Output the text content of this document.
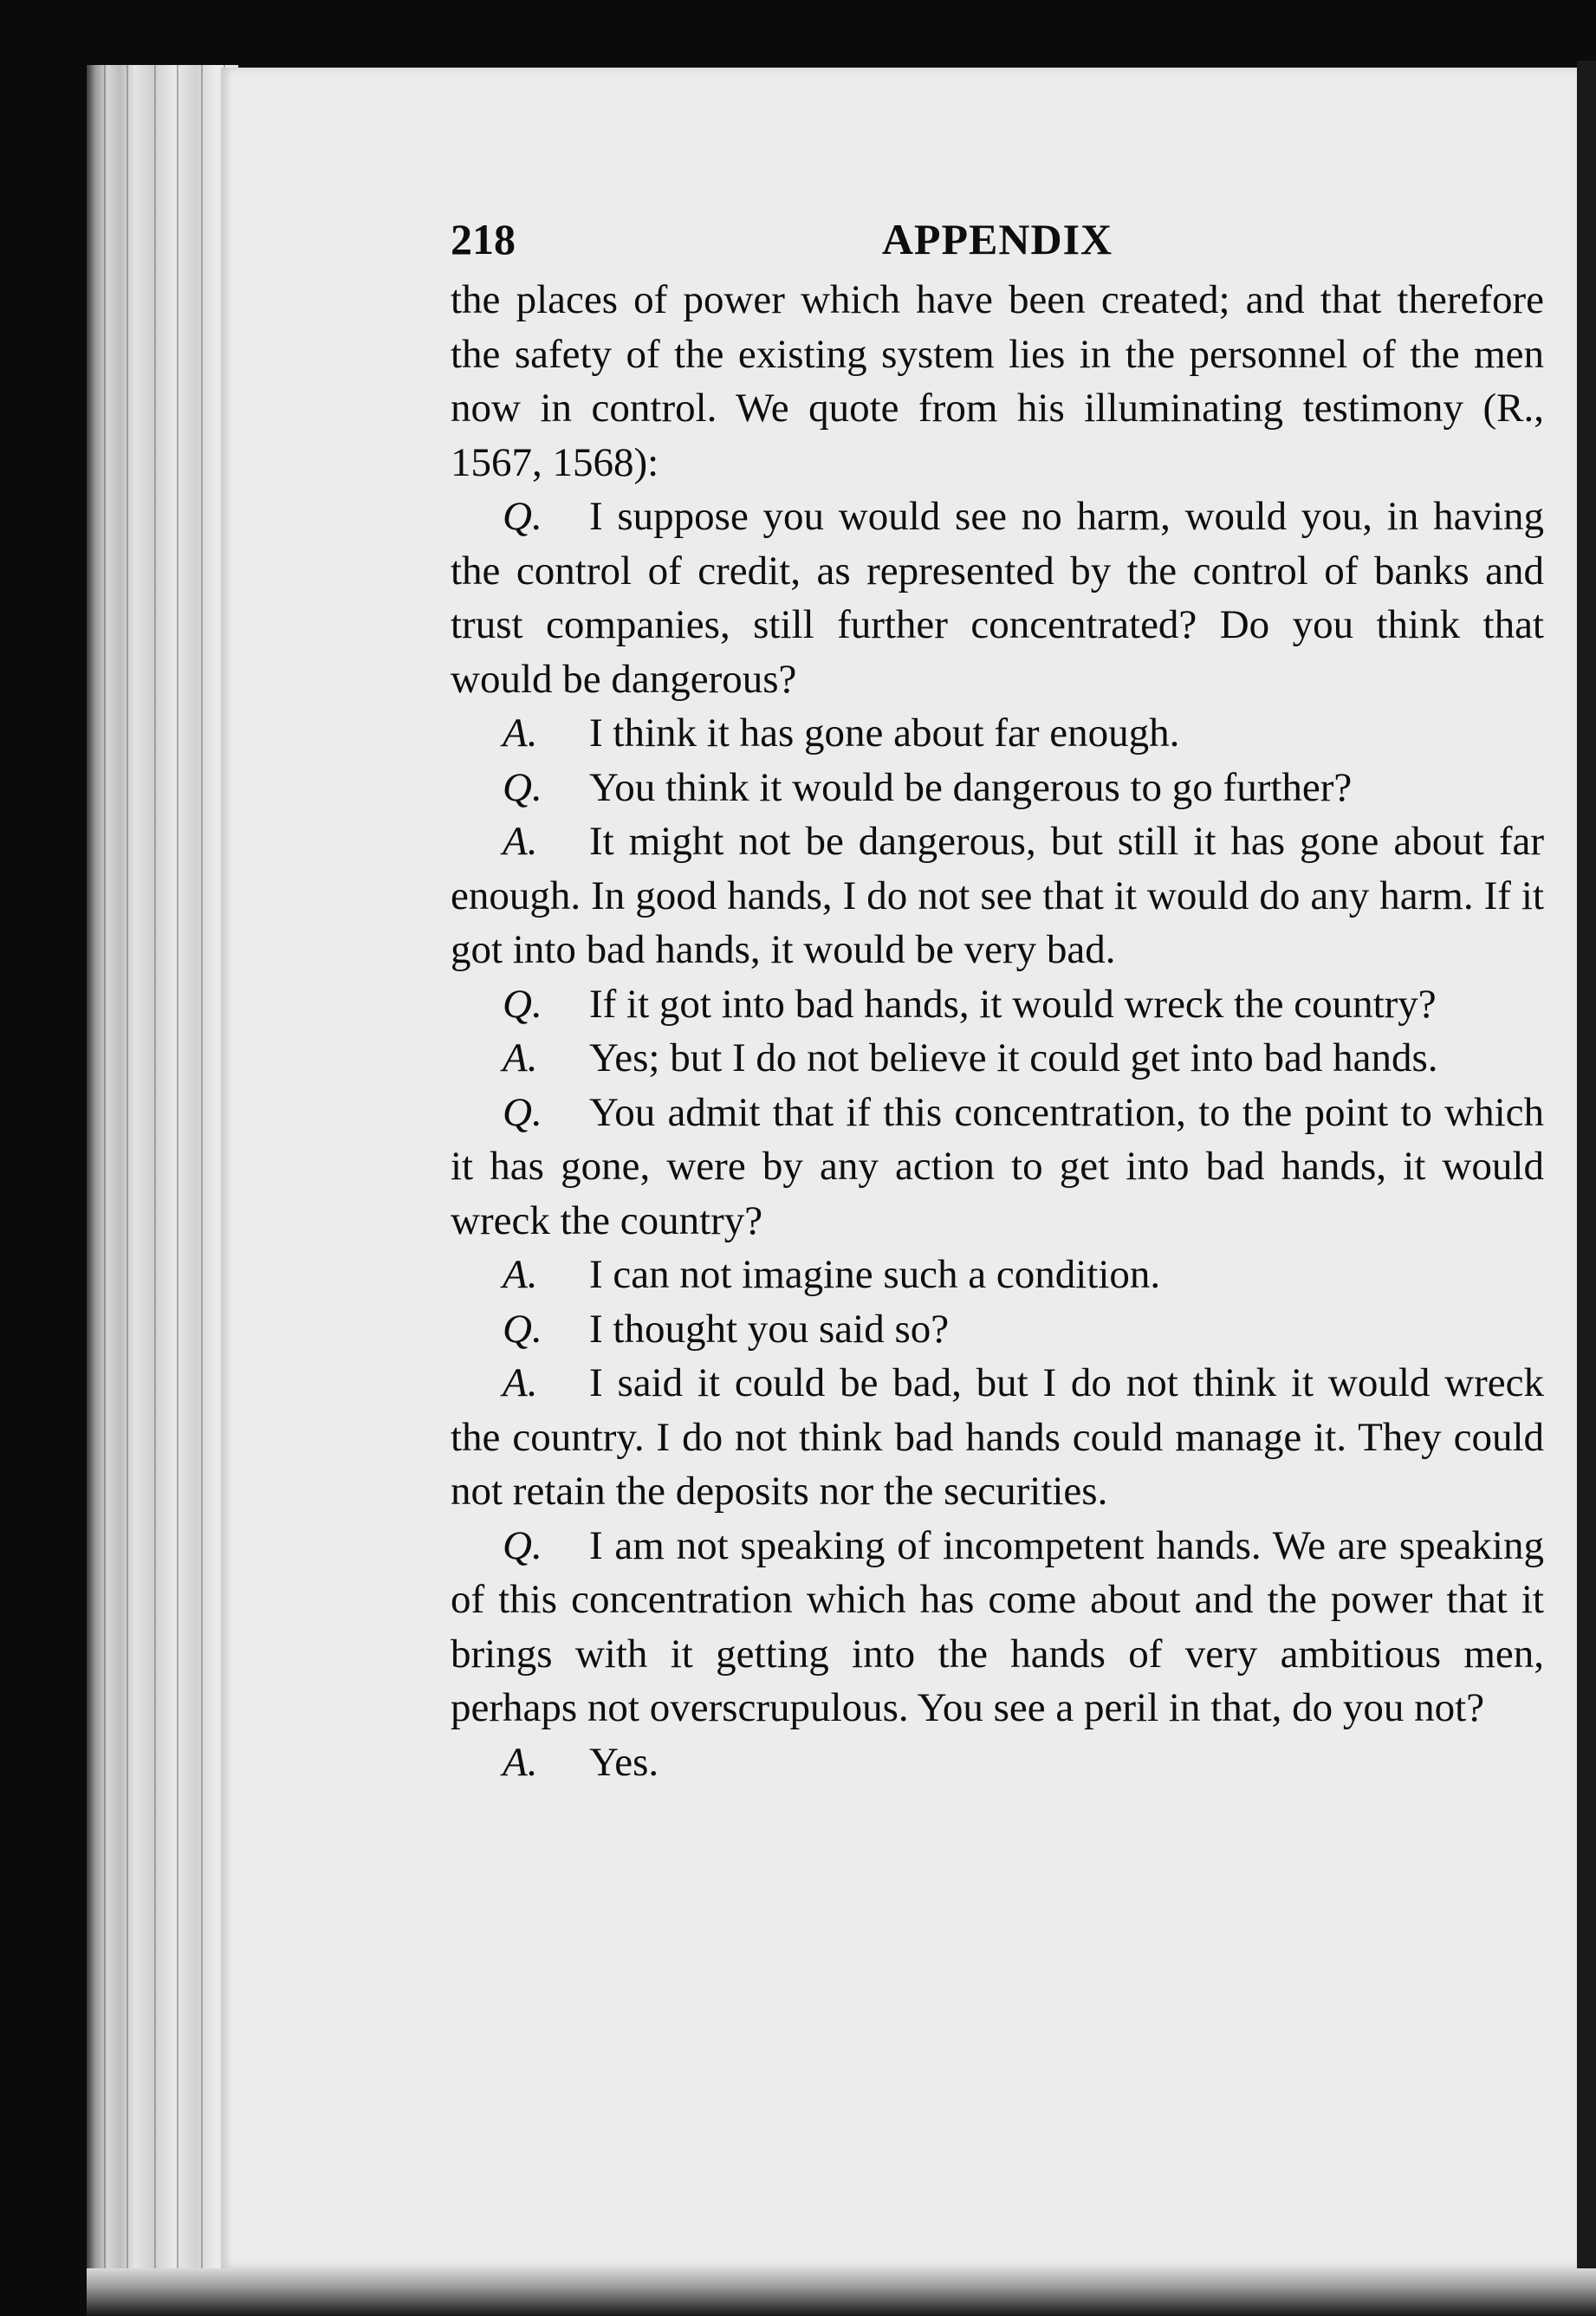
218	APPENDIX

the places of power which have been created; and that therefore the safety of the existing system lies in the personnel of the men now in control. We quote from his illuminating testimony (R., 1567, 1568):

Q. I suppose you would see no harm, would you, in having the control of credit, as represented by the control of banks and trust companies, still further concentrated? Do you think that would be dangerous?

A. I think it has gone about far enough.

Q. You think it would be dangerous to go further?

A. It might not be dangerous, but still it has gone about far enough. In good hands, I do not see that it would do any harm. If it got into bad hands, it would be very bad.

Q. If it got into bad hands, it would wreck the country?

A. Yes; but I do not believe it could get into bad hands.

Q. You admit that if this concentration, to the point to which it has gone, were by any action to get into bad hands, it would wreck the country?

A. I can not imagine such a condition.

Q. I thought you said so?

A. I said it could be bad, but I do not think it would wreck the country. I do not think bad hands could manage it. They could not retain the deposits nor the securities.

Q. I am not speaking of incompetent hands. We are speaking of this concentration which has come about and the power that it brings with it getting into the hands of very ambitious men, perhaps not overscrupulous. You see a peril in that, do you not?

A. Yes.
